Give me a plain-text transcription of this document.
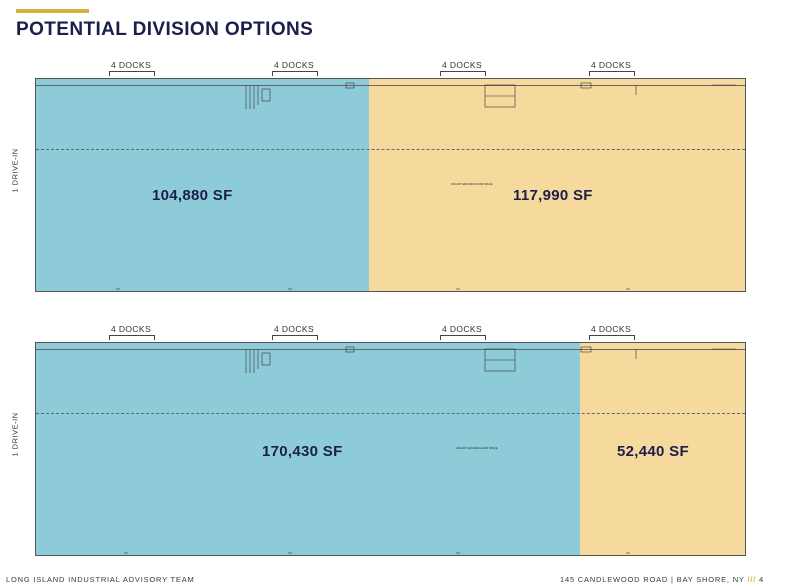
POTENTIAL DIVISION OPTIONS
4 DOCKS	4 DOCKS	4 DOCKS	4 DOCKS
1 DRIVE-IN	VACANT GROUND FLOOR SPACE
104,880 SF	117,990 SF
4 DOCKS	4 DOCKS	4 DOCKS	4 DOCKS
1 DRIVE-IN	VACANT GROUND FLOOR SPACE
170,430 SF	52,440 SF
LONG ISLAND INDUSTRIAL ADVISORY TEAM	145 CANDLEWOOD ROAD | BAY SHORE, NY /// 4
